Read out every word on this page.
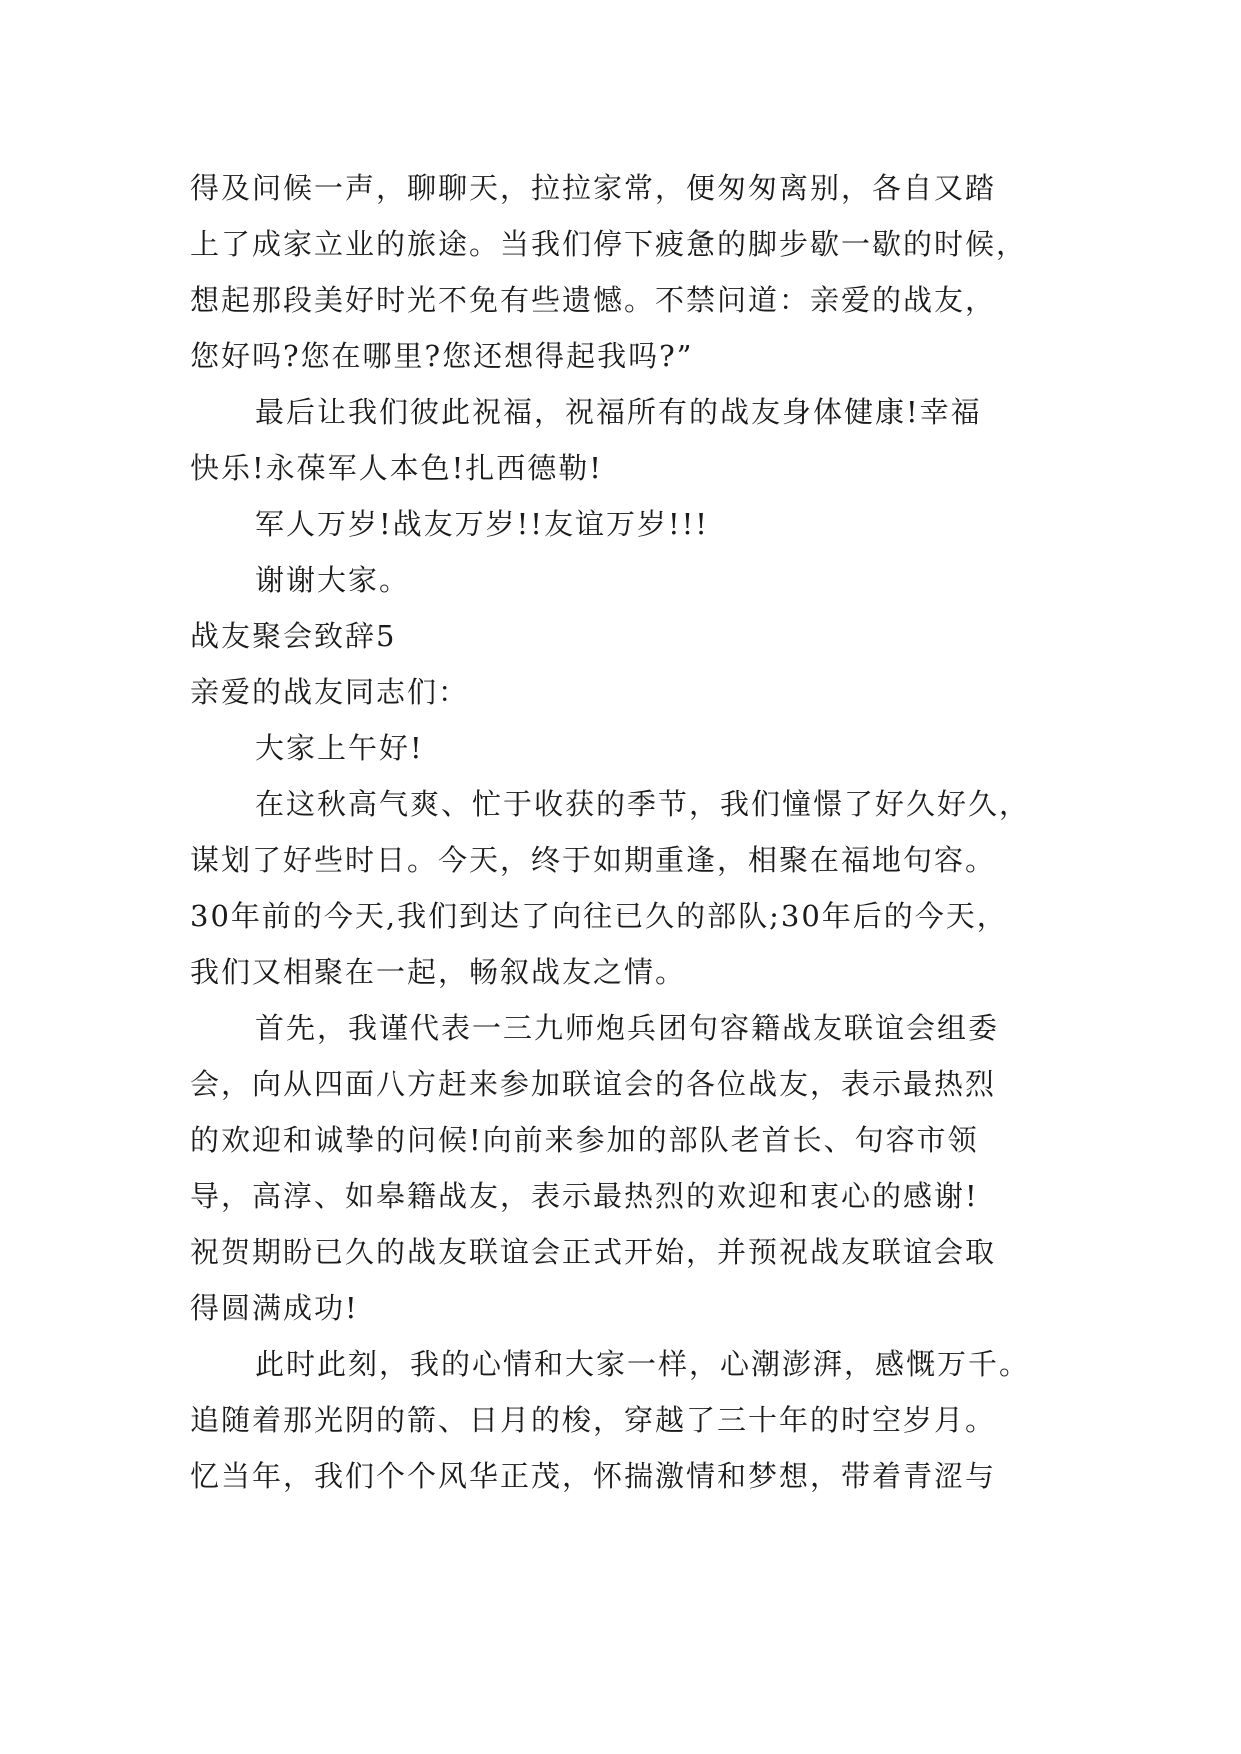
得及问候一声，聊聊天，拉拉家常，便匆匆离别，各自又踏
上了成家立业的旅途。当我们停下疲惫的脚步歇一歇的时候，
想起那段美好时光不免有些遗憾。不禁问道：亲爱的战友，
您好吗?您在哪里?您还想得起我吗?”
最后让我们彼此祝福，祝福所有的战友身体健康!幸福
快乐!永葆军人本色!扎西德勒!
军人万岁!战友万岁!!友谊万岁!!!
谢谢大家。
战友聚会致辞5
亲爱的战友同志们：
大家上午好!
在这秋高气爽、忙于收获的季节，我们憧憬了好久好久，
谋划了好些时日。今天，终于如期重逢，相聚在福地句容。
30年前的今天,我们到达了向往已久的部队;30年后的今天，
我们又相聚在一起，畅叙战友之情。
首先，我谨代表一三九师炮兵团句容籍战友联谊会组委
会，向从四面八方赶来参加联谊会的各位战友，表示最热烈
的欢迎和诚挚的问候!向前来参加的部队老首长、句容市领
导，高淳、如皋籍战友，表示最热烈的欢迎和衷心的感谢!
祝贺期盼已久的战友联谊会正式开始，并预祝战友联谊会取
得圆满成功!
此时此刻，我的心情和大家一样，心潮澎湃，感慨万千。
追随着那光阴的箭、日月的梭，穿越了三十年的时空岁月。
忆当年，我们个个风华正茂，怀揣激情和梦想，带着青涩与
